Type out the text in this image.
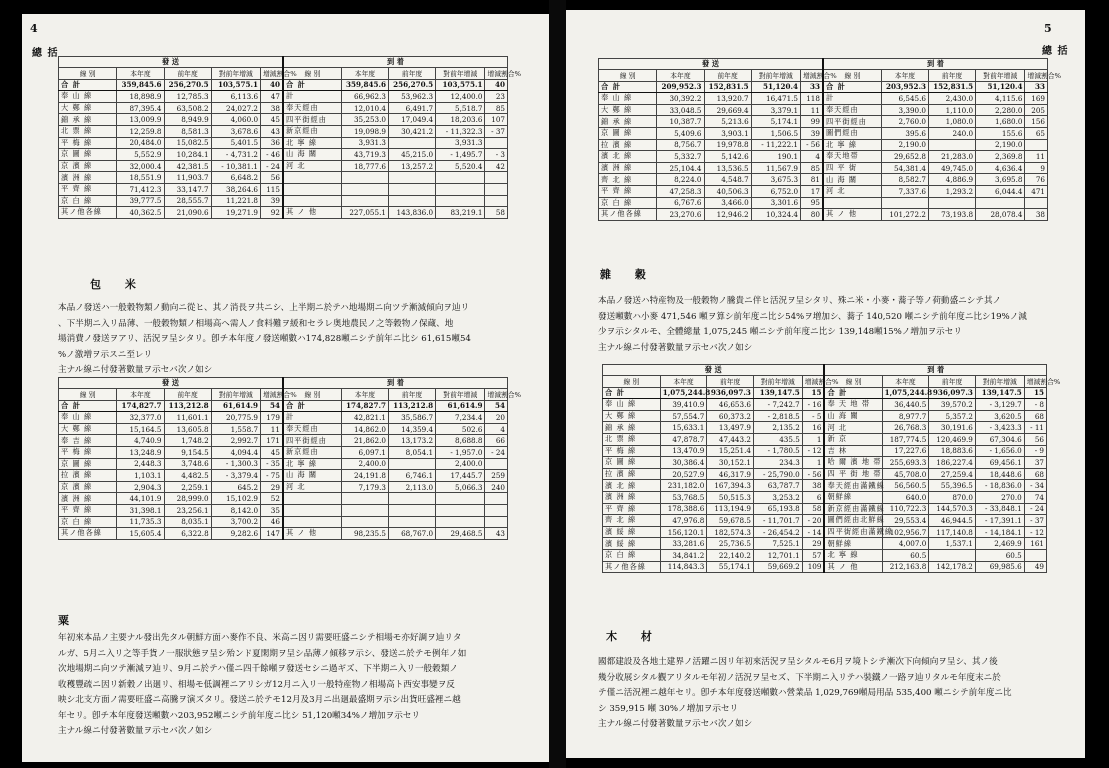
4
總 括
發 送					到 着				
線 別	本年度	前年度	對前年增減	增減割合%	線 別	本年度	前年度	對前年增減	增減割合%
合 計	359,845.6	256,270.5	103,575.1	40	合 計	359,845.6	256,270.5	103,575.1	40
奉 山 線	18,898.9	12,785.3	6,113.6	47	計	66,962.3	53,962.3	12,400.0	23
大 鄭 線	87,395.4	63,508.2	24,027.2	38	奉天經由	12,010.4	6,491.7	5,518.7	85
錦 承 線	13,009.9	8,949.9	4,060.0	45	四平街經由	35,253.0	17,049.4	18,203.6	107
北 票 線	12,259.8	8,581.3	3,678.6	43	新京經由	19,098.9	30,421.2	- 11,322.3	- 37
平 梅 線	20,484.0	15,082.5	5,401.5	36	北 寧 線	3,931.3		3,931.3	
京 圖 線	5,552.9	10,284.1	- 4,731.2	- 46	山 海 關	43,719.3	45,215.0	- 1,495.7	- 3
京 濱 線	32,000.4	42,381.5	- 10,381.1	- 24	河 北	18,777.6	13,257.2	5,520.4	42
濱 洲 線	18,551.9	11,903.7	6,648.2	56					
平 齊 線	71,412.3	33,147.7	38,264.6	115					
京 白 線	39,777.5	28,555.7	11,221.8	39					
其ノ他各線	40,362.5	21,090.6	19,271.9	92	其 ノ 他	227,055.1	143,836.0	83,219.1	58
包 米
本品ノ發送ハ一般穀物類ノ動向ニ從ヒ、其ノ消長ヲ共ニシ、上半期ニ於テハ地場期ニ向ツテ漸減傾向ヲ辿リ
、下半期ニ入リ品薄、一般穀物類ノ相場高ヘ需人ノ食料難ヲ緩和セラレ奥地農民ノ之等穀物ノ保蔵、地
場消費ノ發送ヲアリ、活況ヲ呈シタリ。卽チ本年度ノ發送噸數ハ174,828噸ニシテ前年ニ比シ 61,615噸54
%ノ激増ヲ示スニ至レリ
主ナル線ニ付發著數量ヲ示セバ次ノ如シ
發 送					到 着				
線 別	本年度	前年度	對前年增減	增減割合%	線 別	本年度	前年度	對前年增減	增減割合%
合 計	174,827.7	113,212.8	61,614.9	54	合 計	174,827.7	113,212.8	61,614.9	54
奉 山 線	32,377.0	11,601.1	20,775.9	179	計	42,821.1	35,586.7	7,234.4	20
大 鄭 線	15,164.5	13,605.8	1,558.7	11	奉天經由	14,862.0	14,359.4	502.6	4
奉 吉 線	4,740.9	1,748.2	2,992.7	171	四平街經由	21,862.0	13,173.2	8,688.8	66
平 梅 線	13,248.9	9,154.5	4,094.4	45	新京經由	6,097.1	8,054.1	- 1,957.0	- 24
京 圖 線	2,448.3	3,748.6	- 1,300.3	- 35	北 寧 線	2,400.0		2,400.0	
拉 濱 線	1,103.1	4,482.5	- 3,379.4	- 75	山 海 關	24,191.8	6,746.1	17,445.7	259
京 濱 線	2,904.3	2,259.1	645.2	29	河 北	7,179.3	2,113.0	5,066.3	240
濱 洲 線	44,101.9	28,999.0	15,102.9	52					
平 齊 線	31,398.1	23,256.1	8,142.0	35					
京 白 線	11,735.3	8,035.1	3,700.2	46					
其ノ他各線	15,605.4	6,322.8	9,282.6	147	其 ノ 他	98,235.5	68,767.0	29,468.5	43
粟
年初來本品ノ主要ナル發出先タル朝鮮方面ハ麥作不良、米高ニ因リ需要旺盛ニシテ相場モ亦好調ヲ辿リタ
ルガ、5月ニ入リ之等手貨ノ一服狀態ヲ呈シ殆ンド夏閑期ヲ呈シ品薄ノ傾移ヲ示シ、發送ニ於テモ例年ノ如
次地場期ニ向ツテ漸減ヲ辿リ、9月ニ於テハ僅ニ四千餘噸ヲ發送セシニ過ギズ、下半期ニ入リ一般穀類ノ
收穫豐疏ニ因リ新穀ノ出廻リ、相場モ低調裡ニアリシガ12月ニ入リ一般特産物ノ相場高ト西安事變ヲ反
映シ北支方面ノ需要旺盛ニ高騰ヲ演ズタリ。發送ニ於テモ12月及3月ニ出廻最盛期ヲ示シ出貨旺盛裡ニ越
年セリ。卽チ本年度發送噸數ハ203,952噸ニシテ前年度ニ比シ 51,120噸34%ノ増加ヲ示セリ
主ナル線ニ付發著數量ヲ示セバ次ノ如シ
5
總 括
發 送					到 着				
線 別	本年度	前年度	對前年增減	增減割合%	線 別	本年度	前年度	對前年增減	增減割合%
合 計	209,952.3	152,831.5	51,120.4	33	合 計	203,952.3	152,831.5	51,120.4	33
奉 山 線	30,392.2	13,920.7	16,471.5	118	計	6,545.6	2,430.0	4,115.6	169
大 鄭 線	33,048.5	29,669.4	3,379.1	11	奉天經由	3,390.0	1,110.0	2,280.0	205
錦 承 線	10,387.7	5,213.6	5,174.1	99	四平街經由	2,760.0	1,080.0	1,680.0	156
京 圖 線	5,409.6	3,903.1	1,506.5	39	圖們經由	395.6	240.0	155.6	65
拉 濱 線	8,756.7	19,978.8	- 11,222.1	- 56	北 寧 線	2,190.0		2,190.0	
濱 北 線	5,332.7	5,142.6	190.1	4	奉天地帯	29,652.8	21,283.0	2,369.8	11
濱 洲 線	25,104.4	13,536.5	11,567.9	85	四 平 街	54,381.4	49,745.0	4,636.4	9
齊 北 線	8,224.0	4,548.7	3,675.3	81	山 海 關	8,582.7	4,886.9	3,695.8	76
平 齊 線	47,258.3	40,506.3	6,752.0	17	河 北	7,337.6	1,293.2	6,044.4	471
京 白 線	6,767.6	3,466.0	3,301.6	95					
其ノ他各線	23,270.6	12,946.2	10,324.4	80	其 ノ 他	101,272.2	73,193.8	28,078.4	38
雜 穀
本品ノ發送ハ特産物及一般穀物ノ騰貴ニ伴ヒ活況ヲ呈シタリ、殊ニ米・小麥・蕎子等ノ荷動盛ニシテ其ノ
發送噸數ハ小麥 471,546 噸ヲ算シ前年度ニ比シ54%ヲ増加シ、蕎子 140,520 噸ニシテ前年度ニ比シ19%ノ減
少ヲ示シタルモ、全體總量 1,075,245 噸ニシテ前年度ニ比シ 139,148噸15%ノ増加ヲ示セリ
主ナル線ニ付發著數量ヲ示セバ次ノ如シ
發 送					到 着				
線 別	本年度	前年度	對前年增減	增減割合%	線 別	本年度	前年度	對前年增減	增減割合%
合 計	1,075,244.8	936,097.3	139,147.5	15	合 計	1,075,244.8	936,097.3	139,147.5	15
奉 山 線	39,410.9	46,653.6	- 7,242.7	- 16	奉 天 地 帯	36,440.5	39,570.2	- 3,129.7	- 8
大 鄭 線	57,554.7	60,373.2	- 2,818.5	- 5	山 海 關	8,977.7	5,357.2	3,620.5	68
錦 承 線	15,633.1	13,497.9	2,135.2	16	河 北	26,768.3	30,191.6	- 3,423.3	- 11
北 票 線	47,878.7	47,443.2	435.5	1	新 京	187,774.5	120,469.9	67,304.6	56
平 梅 線	13,470.9	15,251.4	- 1,780.5	- 12	吉 林	17,227.6	18,883.6	- 1,656.0	- 9
京 圖 線	30,386.4	30,152.1	234.3	1	哈 爾 濱 地 帯	255,693.3	186,227.4	69,456.1	37
拉 濱 線	20,527.9	46,317.9	- 25,790.0	- 56	四 平 街 地 帯	45,708.0	27,259.4	18,448.6	68
濱 北 線	231,182.0	167,394.3	63,787.7	38	奉天經由滿鐵線	56,560.5	55,396.5	- 18,836.0	- 34
濱 洲 線	53,768.5	50,515.3	3,253.2	6	朝鮮線	640.0	870.0	270.0	74
平 齊 線	178,388.6	113,194.9	65,193.8	58	新京經由滿鐵線	110,722.3	144,570.3	- 33,848.1	- 24
齊 北 線	47,976.8	59,678.5	- 11,701.7	- 20	圖們經由北鮮線	29,553.4	46,944.5	- 17,391.1	- 37
濱 綏 線	156,120.1	182,574.3	- 26,454.2	- 14	四平街經由滿鐵線	102,956.7	117,140.8	- 14,184.1	- 12
濱 綏 線	33,281.6	25,736.5	7,525.1	29	朝鮮線	4,007.0	1,537.1	2,469.9	161
京 白 線	34,841.2	22,140.2	12,701.1	57	北 寧 線	60.5		60.5	
其ノ他各線	114,843.3	55,174.1	59,669.2	109	其 ノ 他	212,163.8	142,178.2	69,985.6	49
木 材
國都建設及各地土建界ノ活躍ニ因リ年初來活況ヲ呈シタルモ6月ヲ境トシテ漸次下向傾向ヲ呈シ、其ノ後
幾分收展シタル觀アリタルモ年初ノ活況ヲ呈セズ、下半期ニ入リテハ裝鐵ノ一路ヲ辿リタルモ年度末ニ於
テ僅ニ活況裡ニ越年セリ。卽チ本年度發送噸數ハ營業品 1,029,769噸局用品 535,400 噸ニシテ前年度ニ比
シ 359,915 噸 30%ノ増加ヲ示セリ
主ナル線ニ付發著數量ヲ示セバ次ノ如シ
